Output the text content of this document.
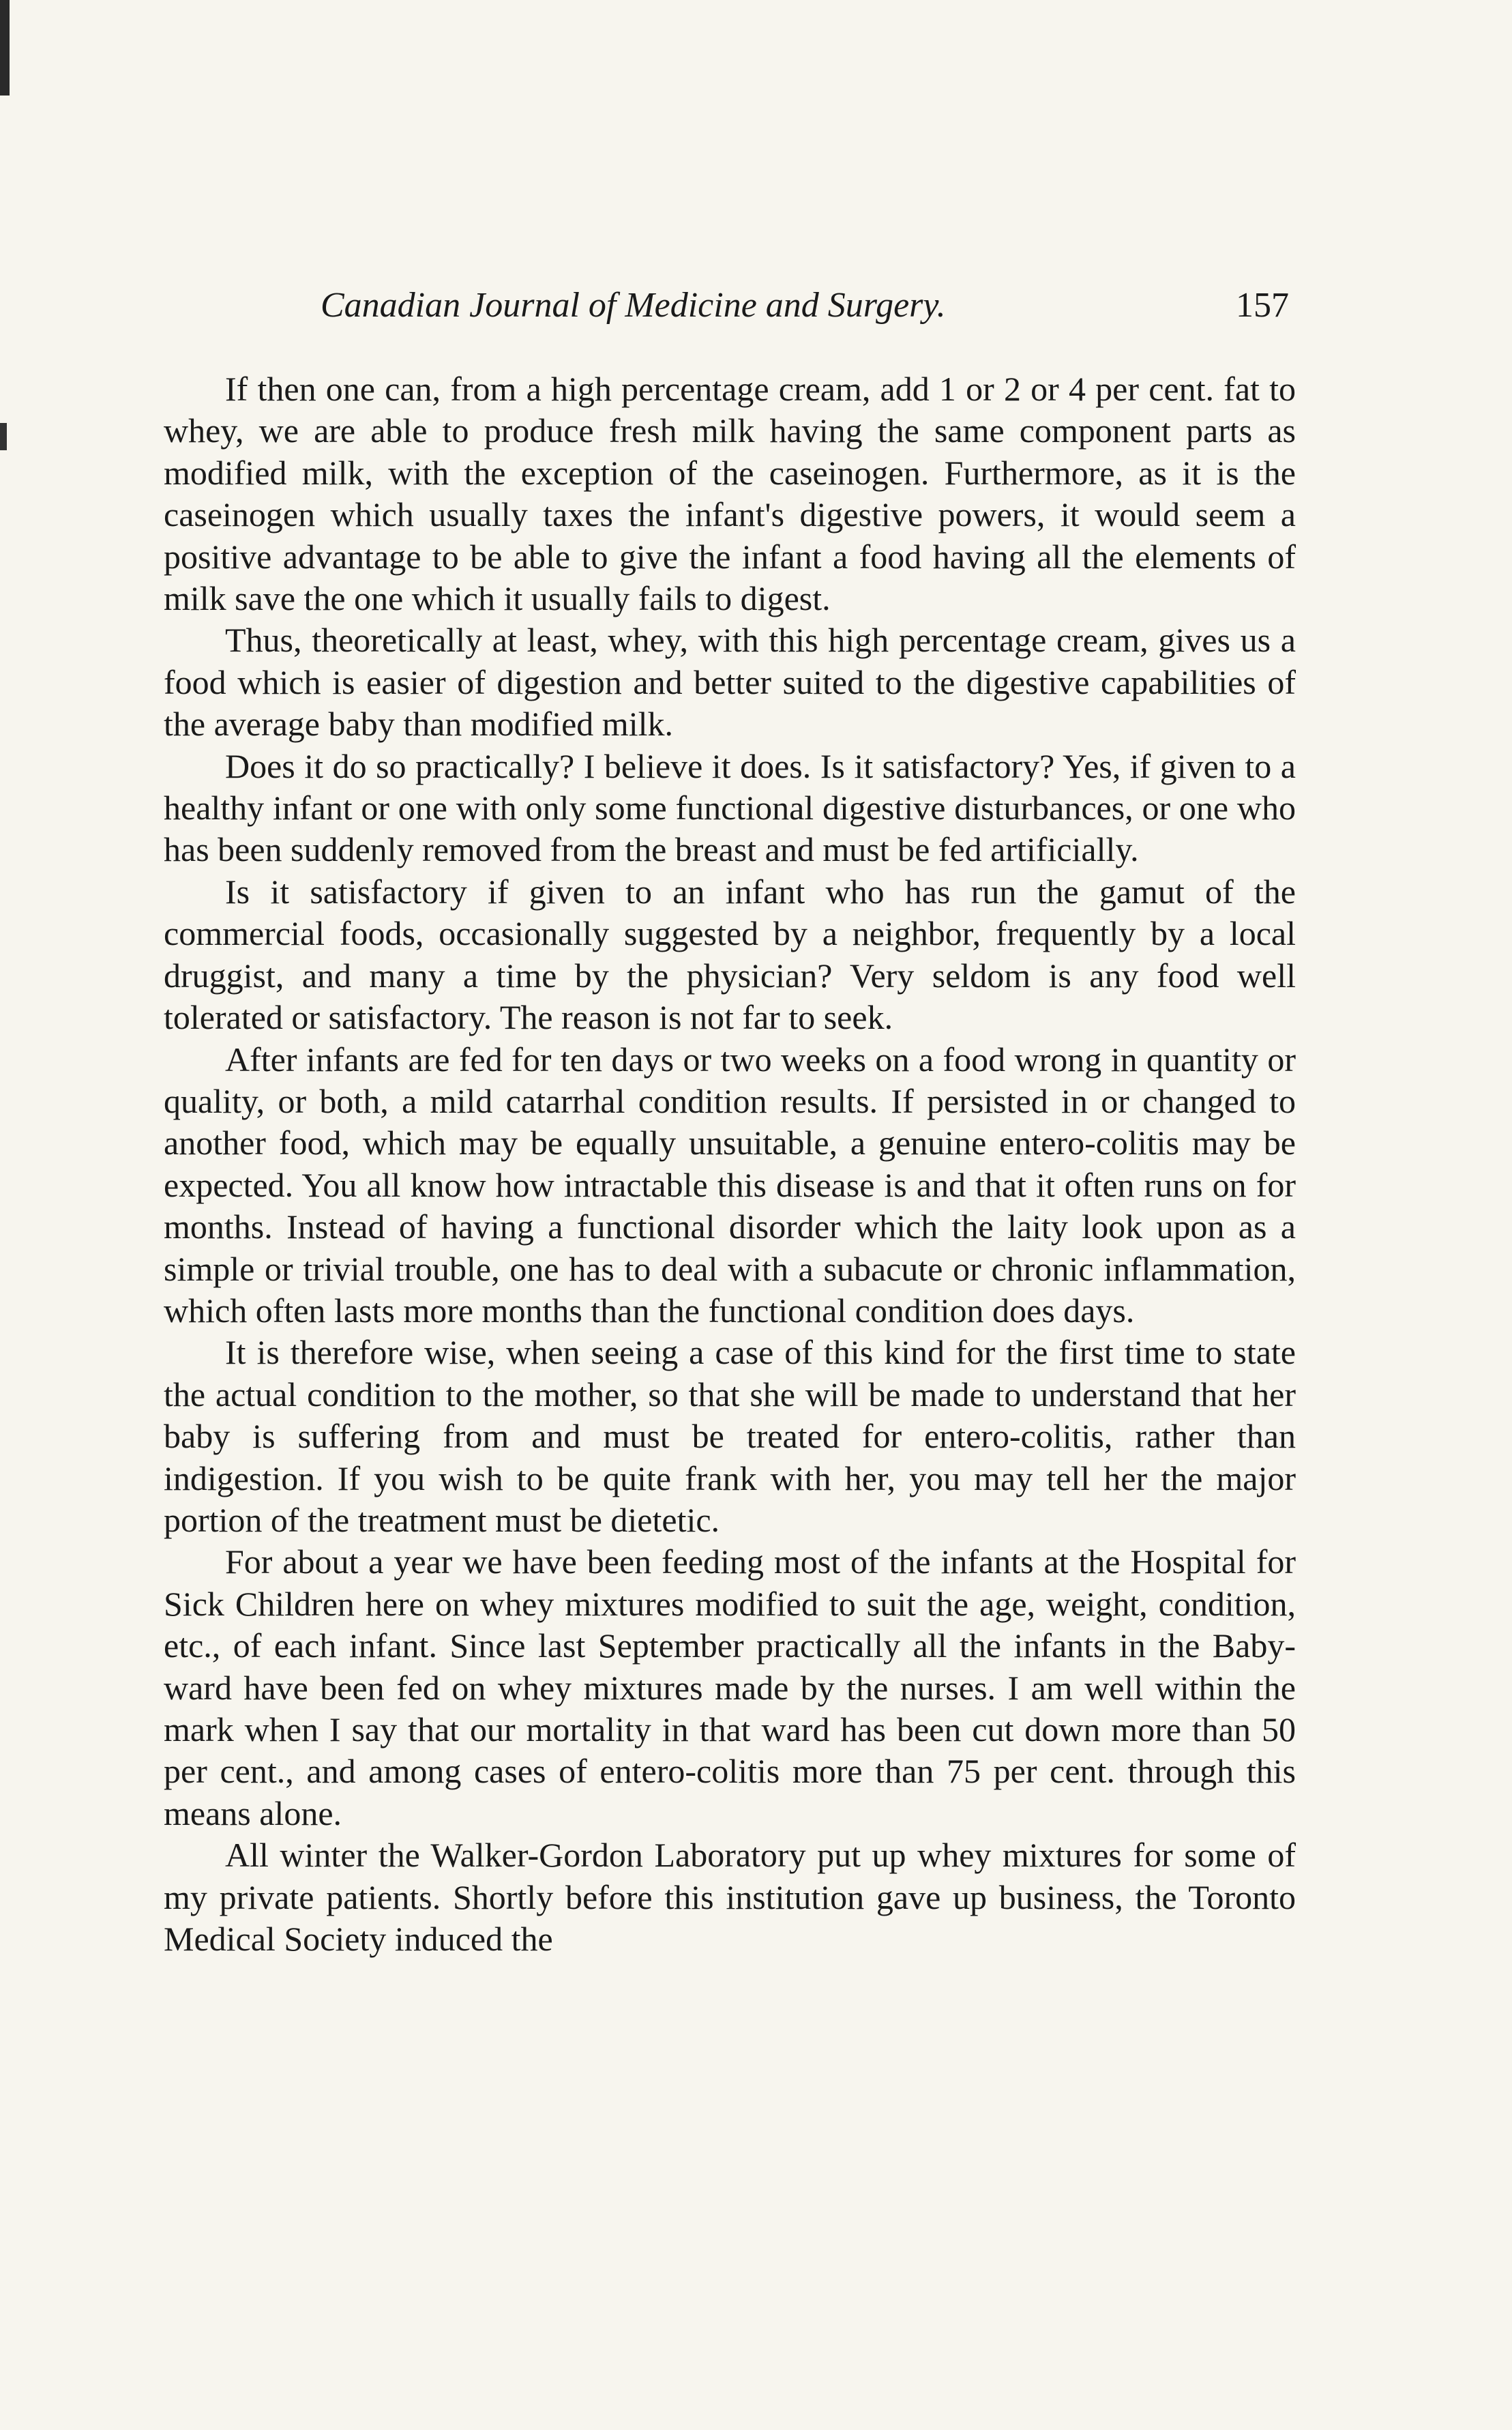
Canadian Journal of Medicine and Surgery.	157

If then one can, from a high percentage cream, add 1 or 2 or 4 per cent. fat to whey, we are able to produce fresh milk having the same component parts as modified milk, with the exception of the caseinogen. Furthermore, as it is the caseinogen which usually taxes the infant's digestive powers, it would seem a positive advantage to be able to give the infant a food having all the elements of milk save the one which it usually fails to digest.

Thus, theoretically at least, whey, with this high percentage cream, gives us a food which is easier of digestion and better suited to the digestive capabilities of the average baby than modified milk.

Does it do so practically? I believe it does. Is it satisfactory? Yes, if given to a healthy infant or one with only some functional digestive disturbances, or one who has been suddenly removed from the breast and must be fed artificially.

Is it satisfactory if given to an infant who has run the gamut of the commercial foods, occasionally suggested by a neighbor, frequently by a local druggist, and many a time by the physician? Very seldom is any food well tolerated or satisfactory. The reason is not far to seek.

After infants are fed for ten days or two weeks on a food wrong in quantity or quality, or both, a mild catarrhal condition results. If persisted in or changed to another food, which may be equally unsuitable, a genuine entero-colitis may be expected. You all know how intractable this disease is and that it often runs on for months. Instead of having a functional disorder which the laity look upon as a simple or trivial trouble, one has to deal with a subacute or chronic inflammation, which often lasts more months than the functional condition does days.

It is therefore wise, when seeing a case of this kind for the first time to state the actual condition to the mother, so that she will be made to understand that her baby is suffering from and must be treated for entero-colitis, rather than indigestion. If you wish to be quite frank with her, you may tell her the major portion of the treatment must be dietetic.

For about a year we have been feeding most of the infants at the Hospital for Sick Children here on whey mixtures modified to suit the age, weight, condition, etc., of each infant. Since last September practically all the infants in the Baby-ward have been fed on whey mixtures made by the nurses. I am well within the mark when I say that our mortality in that ward has been cut down more than 50 per cent., and among cases of entero-colitis more than 75 per cent. through this means alone.

All winter the Walker-Gordon Laboratory put up whey mixtures for some of my private patients. Shortly before this institution gave up business, the Toronto Medical Society induced the
